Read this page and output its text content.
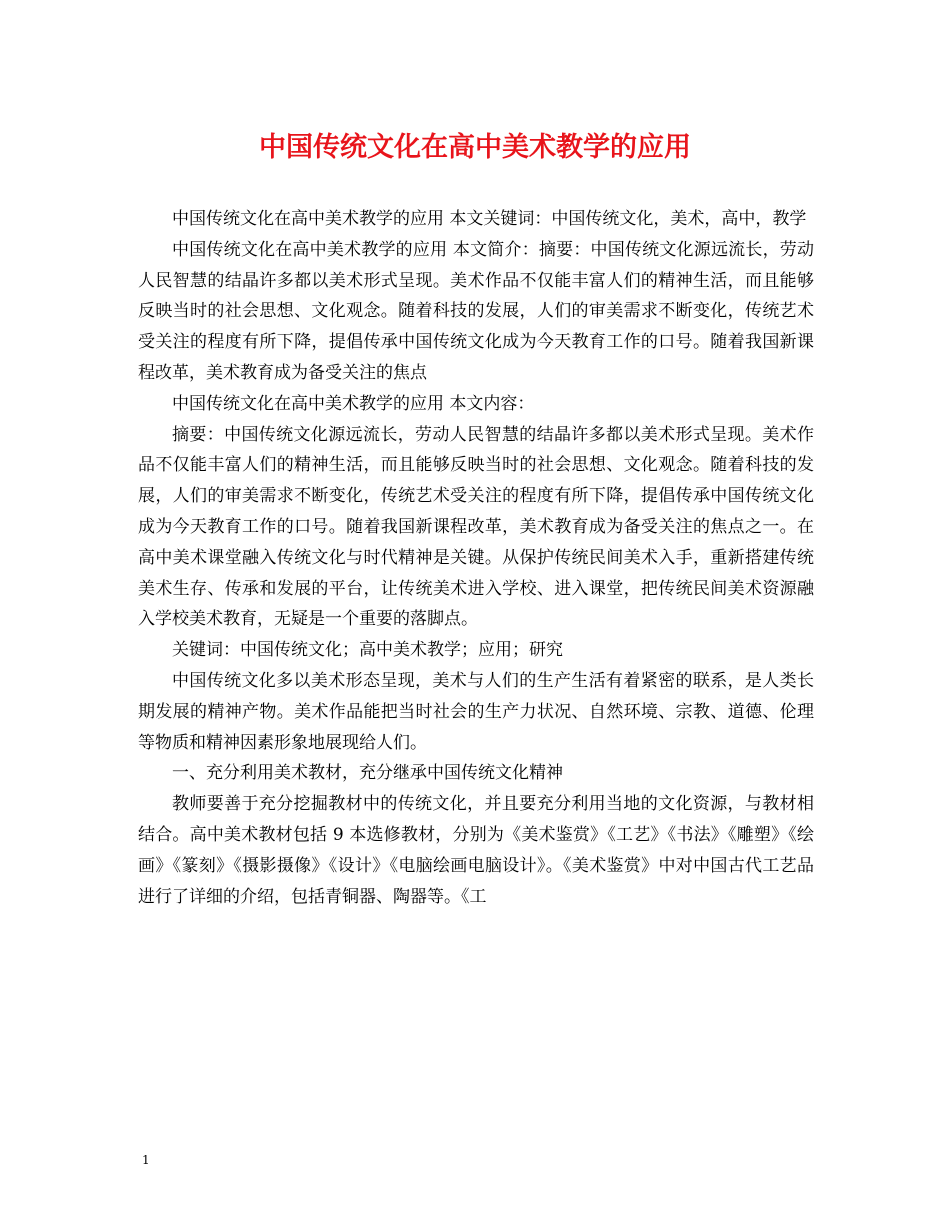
中国传统文化在高中美术教学的应用

中国传统文化在高中美术教学的应用 本文关键词：中国传统文化，美术，高中，教学

中国传统文化在高中美术教学的应用 本文简介：摘要：中国传统文化源远流长，劳动人民智慧的结晶许多都以美术形式呈现。美术作品不仅能丰富人们的精神生活，而且能够反映当时的社会思想、文化观念。随着科技的发展，人们的审美需求不断变化，传统艺术受关注的程度有所下降，提倡传承中国传统文化成为今天教育工作的口号。随着我国新课程改革，美术教育成为备受关注的焦点

中国传统文化在高中美术教学的应用 本文内容：

摘要：中国传统文化源远流长，劳动人民智慧的结晶许多都以美术形式呈现。美术作品不仅能丰富人们的精神生活，而且能够反映当时的社会思想、文化观念。随着科技的发展，人们的审美需求不断变化，传统艺术受关注的程度有所下降，提倡传承中国传统文化成为今天教育工作的口号。随着我国新课程改革，美术教育成为备受关注的焦点之一。在高中美术课堂融入传统文化与时代精神是关键。从保护传统民间美术入手，重新搭建传统美术生存、传承和发展的平台，让传统美术进入学校、进入课堂，把传统民间美术资源融入学校美术教育，无疑是一个重要的落脚点。

关键词：中国传统文化；高中美术教学；应用；研究

中国传统文化多以美术形态呈现，美术与人们的生产生活有着紧密的联系，是人类长期发展的精神产物。美术作品能把当时社会的生产力状况、自然环境、宗教、道德、伦理等物质和精神因素形象地展现给人们。

一、充分利用美术教材，充分继承中国传统文化精神

教师要善于充分挖掘教材中的传统文化，并且要充分利用当地的文化资源，与教材相结合。高中美术教材包括 9 本选修教材，分别为《美术鉴赏》《工艺》《书法》《雕塑》《绘画》《篆刻》《摄影摄像》《设计》《电脑绘画电脑设计》。《美术鉴赏》中对中国古代工艺品进行了详细的介绍，包括青铜器、陶器等。《工

1
